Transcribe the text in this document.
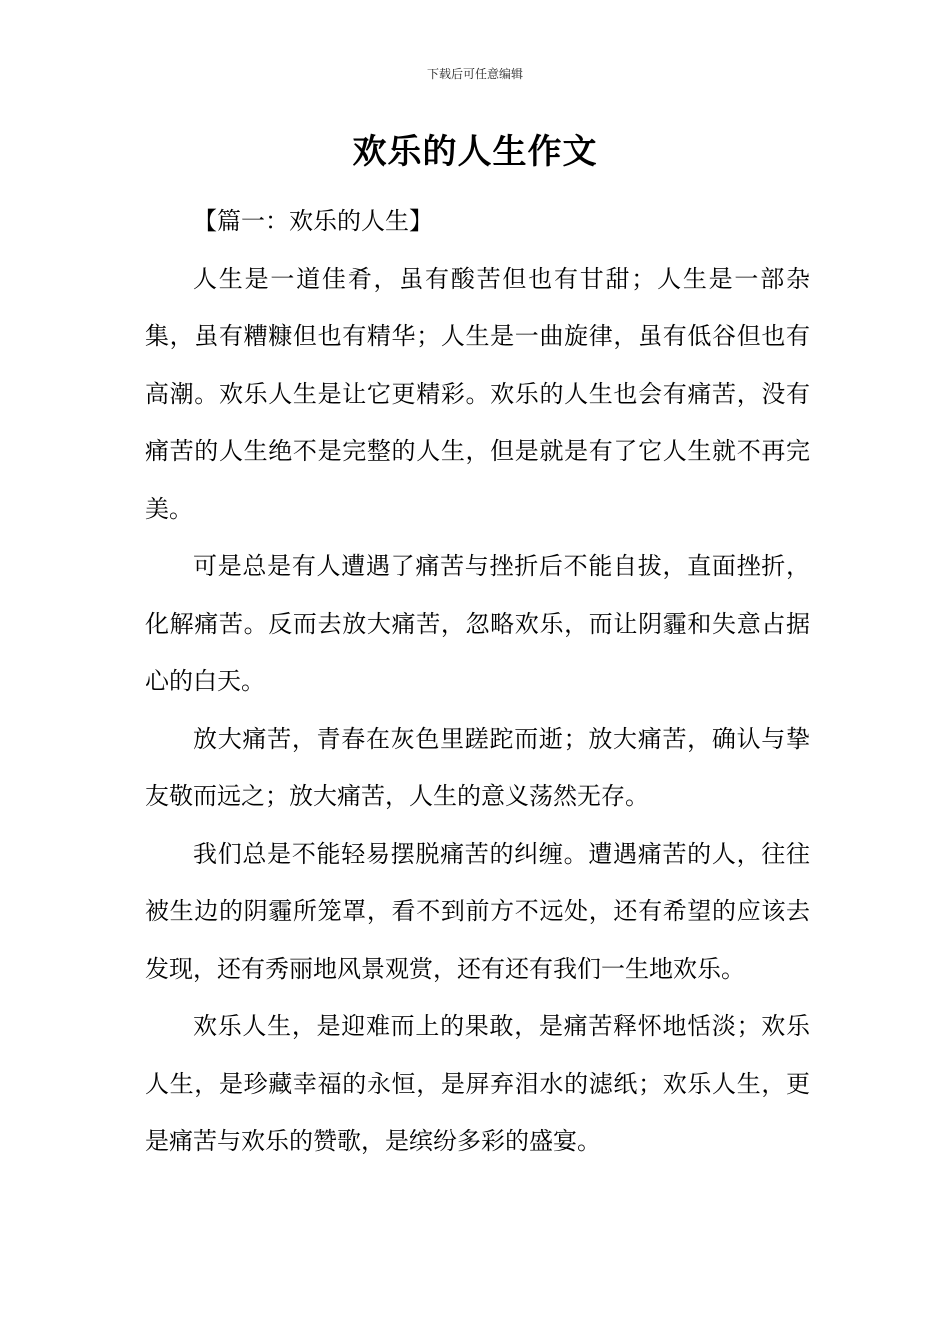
下载后可任意编辑
欢乐的人生作文

【篇一：欢乐的人生】

人生是一道佳肴，虽有酸苦但也有甘甜；人生是一部杂集，虽有糟糠但也有精华；人生是一曲旋律，虽有低谷但也有高潮。欢乐人生是让它更精彩。欢乐的人生也会有痛苦，没有痛苦的人生绝不是完整的人生，但是就是有了它人生就不再完美。

可是总是有人遭遇了痛苦与挫折后不能自拔，直面挫折，化解痛苦。反而去放大痛苦，忽略欢乐，而让阴霾和失意占据心的白天。

放大痛苦，青春在灰色里蹉跎而逝；放大痛苦，确认与挚友敬而远之；放大痛苦，人生的意义荡然无存。

我们总是不能轻易摆脱痛苦的纠缠。遭遇痛苦的人，往往被生边的阴霾所笼罩，看不到前方不远处，还有希望的应该去发现，还有秀丽地风景观赏，还有还有我们一生地欢乐。

欢乐人生，是迎难而上的果敢，是痛苦释怀地恬淡；欢乐人生，是珍藏幸福的永恒，是屏弃泪水的滤纸；欢乐人生，更是痛苦与欢乐的赞歌，是缤纷多彩的盛宴。
